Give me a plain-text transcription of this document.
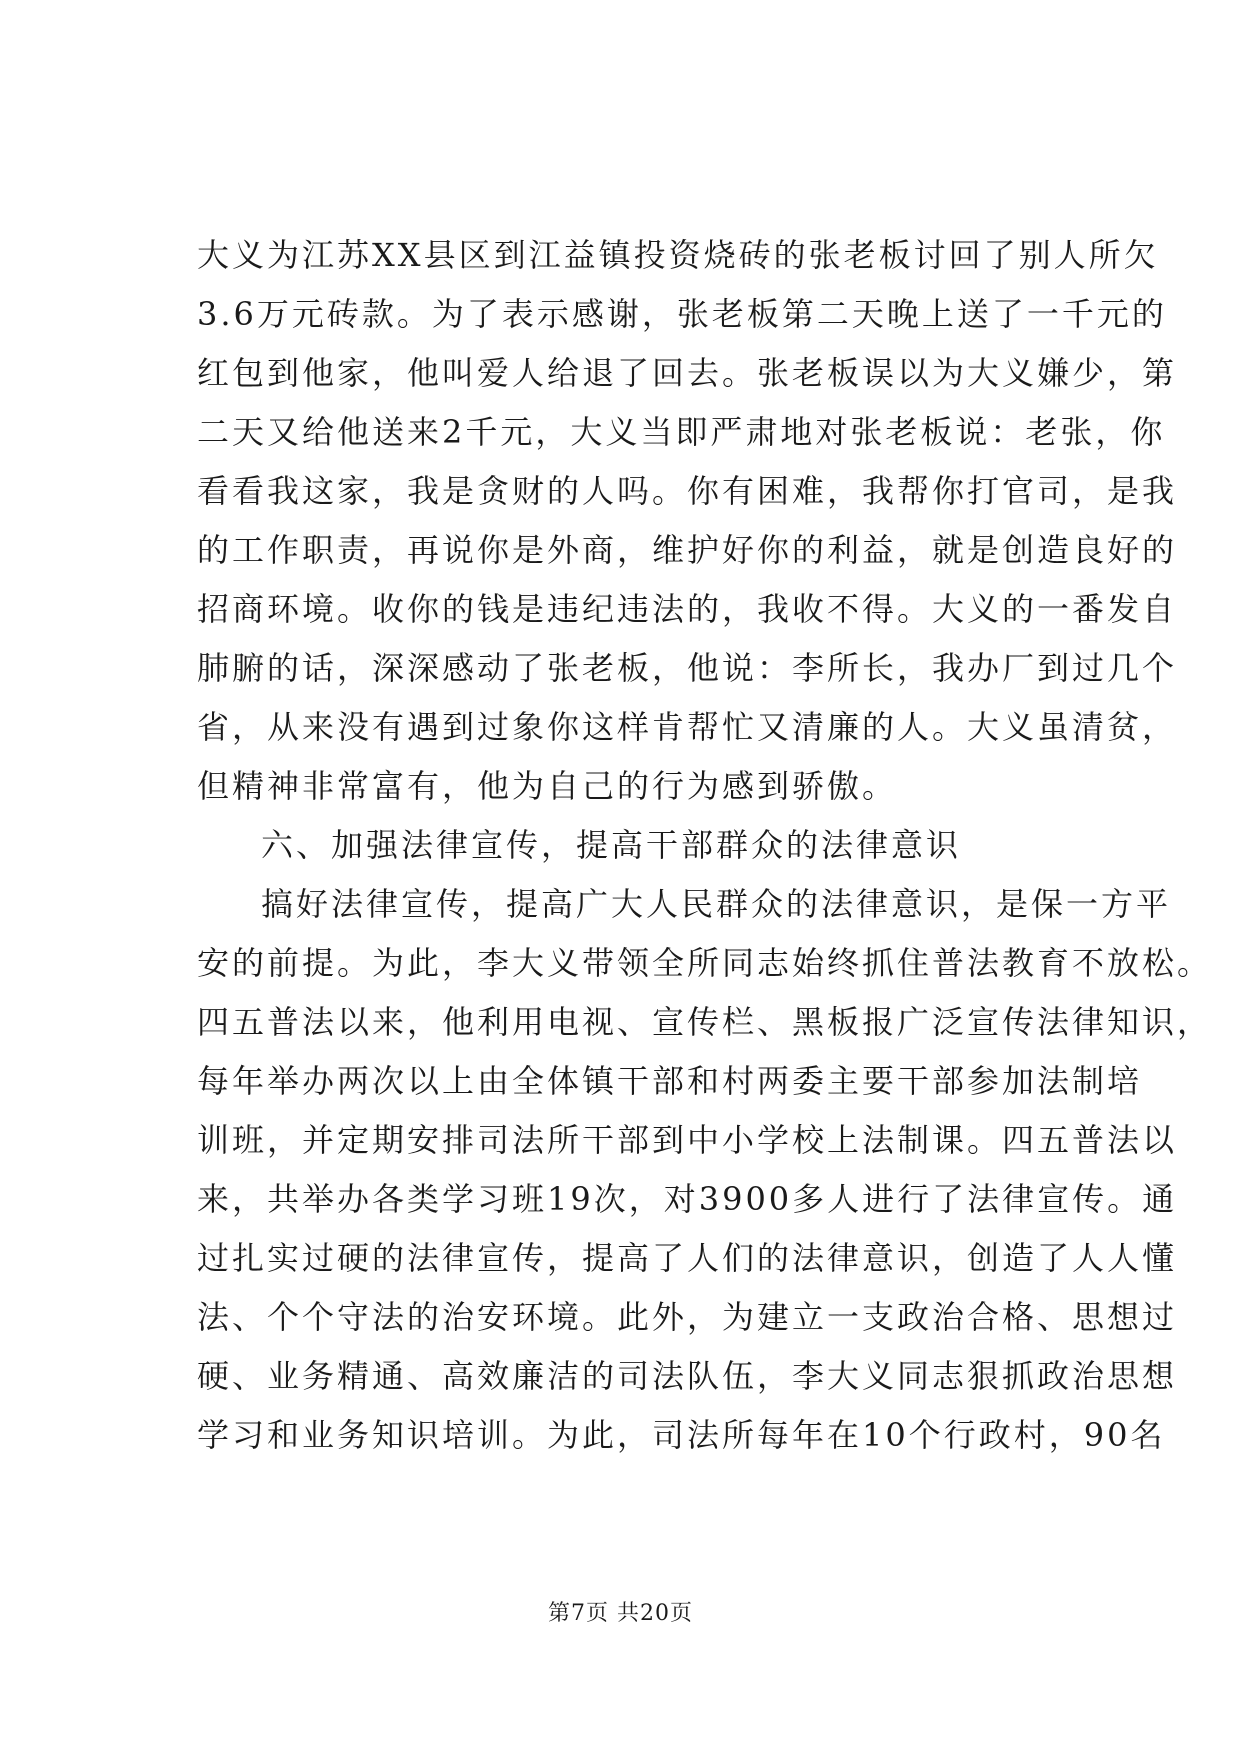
大义为江苏XX县区到江益镇投资烧砖的张老板讨回了别人所欠
3.6万元砖款。为了表示感谢，张老板第二天晚上送了一千元的
红包到他家，他叫爱人给退了回去。张老板误以为大义嫌少，第
二天又给他送来2千元，大义当即严肃地对张老板说：老张，你
看看我这家，我是贪财的人吗。你有困难，我帮你打官司，是我
的工作职责，再说你是外商，维护好你的利益，就是创造良好的
招商环境。收你的钱是违纪违法的，我收不得。大义的一番发自
肺腑的话，深深感动了张老板，他说：李所长，我办厂到过几个
省，从来没有遇到过象你这样肯帮忙又清廉的人。大义虽清贫，
但精神非常富有，他为自己的行为感到骄傲。
六、加强法律宣传，提高干部群众的法律意识
搞好法律宣传，提高广大人民群众的法律意识，是保一方平
安的前提。为此，李大义带领全所同志始终抓住普法教育不放松。
四五普法以来，他利用电视、宣传栏、黑板报广泛宣传法律知识，
每年举办两次以上由全体镇干部和村两委主要干部参加法制培
训班，并定期安排司法所干部到中小学校上法制课。四五普法以
来，共举办各类学习班19次，对3900多人进行了法律宣传。通
过扎实过硬的法律宣传，提高了人们的法律意识，创造了人人懂
法、个个守法的治安环境。此外，为建立一支政治合格、思想过
硬、业务精通、高效廉洁的司法队伍，李大义同志狠抓政治思想
学习和业务知识培训。为此，司法所每年在10个行政村，90名
第7页 共20页
